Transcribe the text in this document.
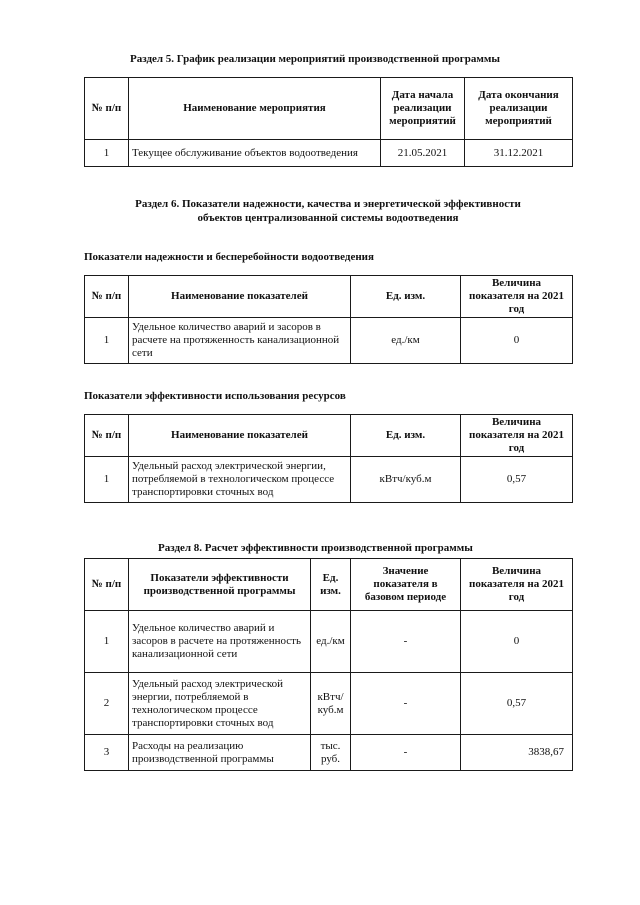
Раздел 5. График реализации мероприятий производственной программы
№ п/п	Наименование мероприятия	Дата начала реализации мероприятий	Дата окончания реализации мероприятий
1	Текущее обслуживание объектов водоотведения	21.05.2021	31.12.2021
Раздел 6. Показатели надежности, качества и энергетической эффективности
объектов централизованной системы водоотведения
Показатели надежности и бесперебойности водоотведения
№ п/п	Наименование показателей	Ед. изм.	Величина показателя на 2021 год
1	Удельное количество аварий и засоров в расчете на протяженность канализационной сети	ед./км	0
Показатели эффективности использования ресурсов
№ п/п	Наименование показателей	Ед. изм.	Величина показателя на 2021 год
1	Удельный расход электрической энергии, потребляемой в технологическом процессе транспортировки сточных вод	кВтч/куб.м	0,57
Раздел 8. Расчет эффективности производственной программы
№ п/п	Показатели эффективности производственной программы	Ед. изм.	Значение показателя в базовом периоде	Величина показателя на 2021 год
1	Удельное количество аварий и засоров в расчете на протяженность канализационной сети	ед./км	-	0
2	Удельный расход электрической энергии, потребляемой в технологическом процессе транспортировки сточных вод	кВтч/ куб.м	-	0,57
3	Расходы на реализацию производственной программы	тыс. руб.	-	3838,67
